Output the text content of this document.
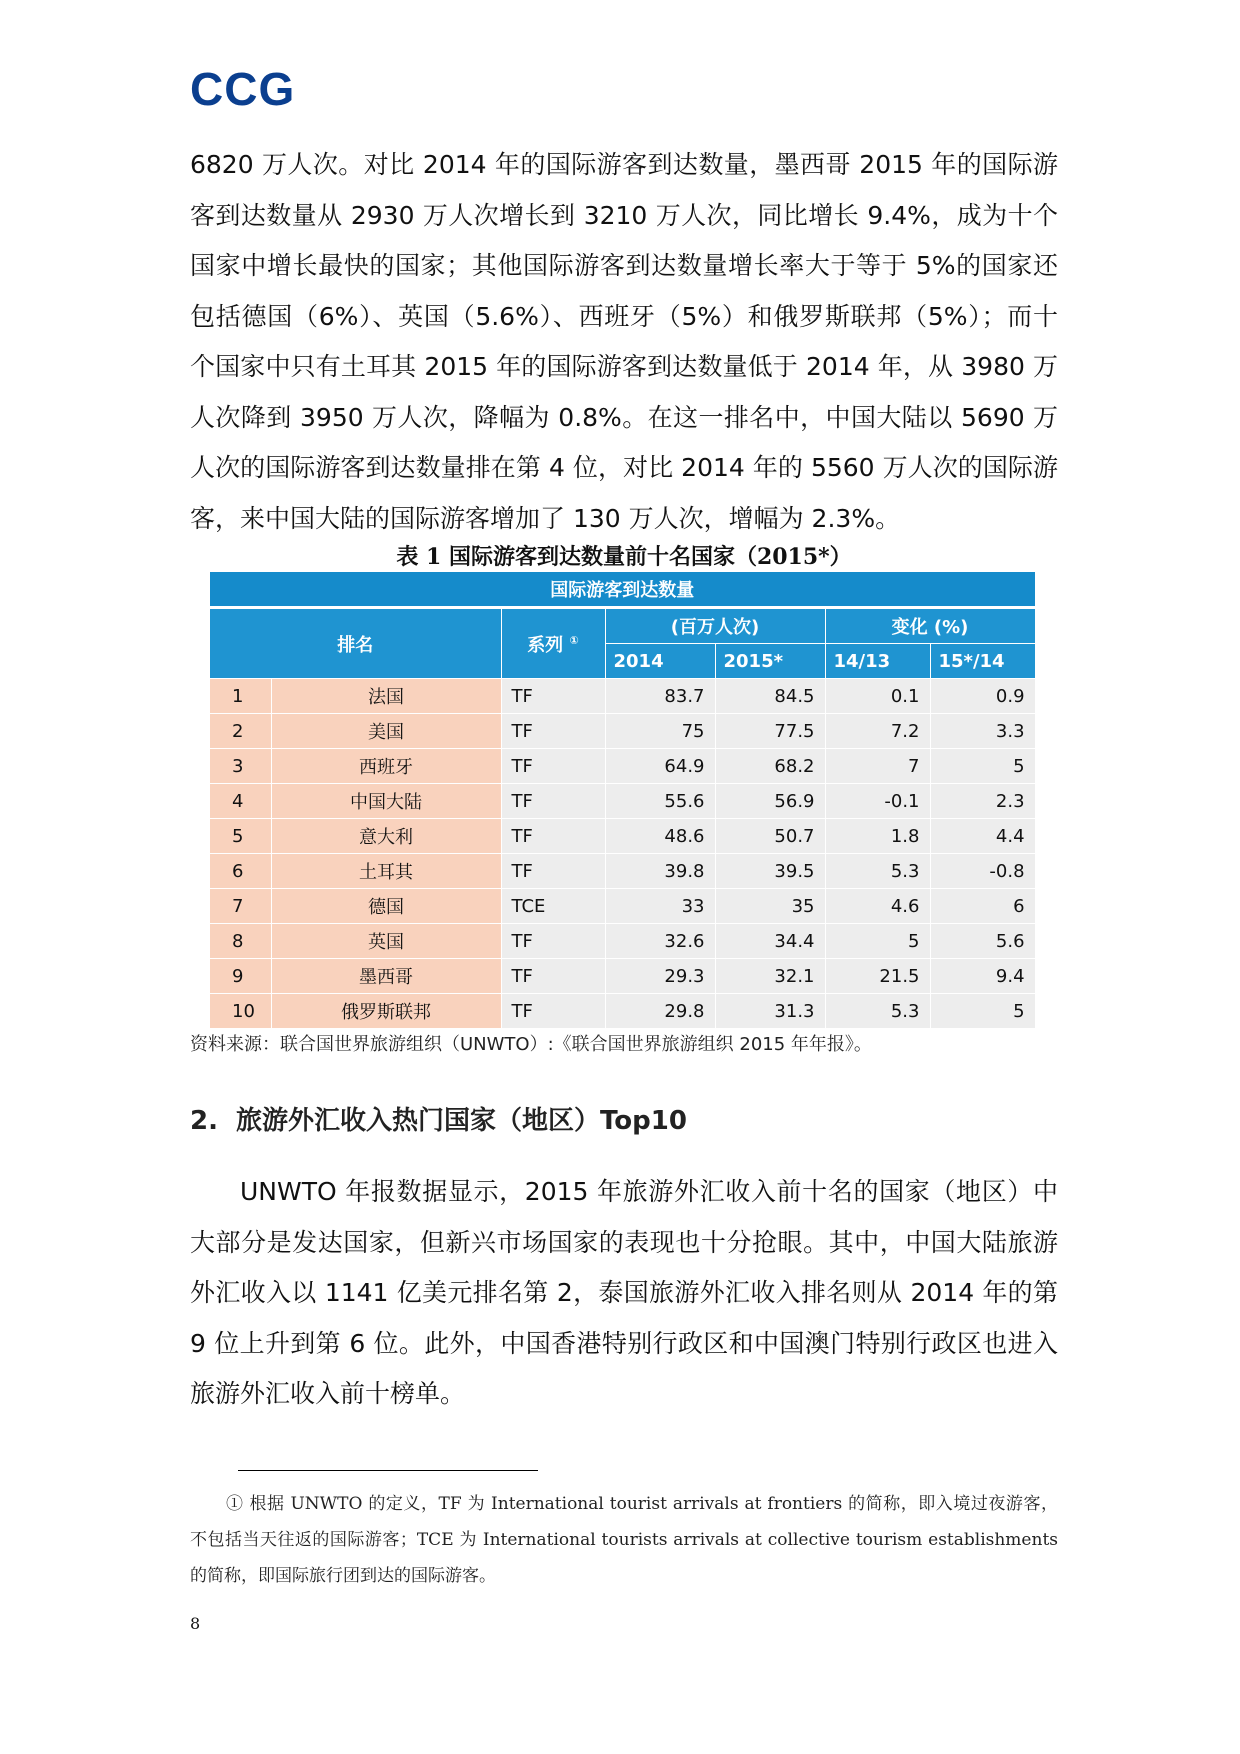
CCG

6820 万人次。对比 2014 年的国际游客到达数量，墨西哥 2015 年的国际游客到达数量从 2930 万人次增长到 3210 万人次，同比增长 9.4%，成为十个国家中增长最快的国家；其他国际游客到达数量增长率大于等于 5%的国家还包括德国（6%）、英国（5.6%）、西班牙（5%）和俄罗斯联邦（5%）；而十个国家中只有土耳其 2015 年的国际游客到达数量低于 2014 年，从 3980 万人次降到 3950 万人次，降幅为 0.8%。在这一排名中，中国大陆以 5690 万人次的国际游客到达数量排在第 4 位，对比 2014 年的 5560 万人次的国际游客，来中国大陆的国际游客增加了 130 万人次，增幅为 2.3%。

表 1 国际游客到达数量前十名国家（2015*）
国际游客到达数量						
排名		系列 ①	(百万人次)		变化 (%)	
			2014	2015*	14/13	15*/14
1	法国	TF	83.7	84.5	0.1	0.9
2	美国	TF	75	77.5	7.2	3.3
3	西班牙	TF	64.9	68.2	7	5
4	中国大陆	TF	55.6	56.9	-0.1	2.3
5	意大利	TF	48.6	50.7	1.8	4.4
6	土耳其	TF	39.8	39.5	5.3	-0.8
7	德国	TCE	33	35	4.6	6
8	英国	TF	32.6	34.4	5	5.6
9	墨西哥	TF	29.3	32.1	21.5	9.4
10	俄罗斯联邦	TF	29.8	31.3	5.3	5
资料来源：联合国世界旅游组织（UNWTO）:《联合国世界旅游组织 2015 年年报》。
2. 旅游外汇收入热门国家（地区）Top10

UNWTO 年报数据显示，2015 年旅游外汇收入前十名的国家（地区）中大部分是发达国家，但新兴市场国家的表现也十分抢眼。其中，中国大陆旅游外汇收入以 1141 亿美元排名第 2，泰国旅游外汇收入排名则从 2014 年的第 9 位上升到第 6 位。此外，中国香港特别行政区和中国澳门特别行政区也进入旅游外汇收入前十榜单。

① 根据 UNWTO 的定义，TF 为 International tourist arrivals at frontiers 的简称，即入境过夜游客，不包括当天往返的国际游客；TCE 为 International tourists arrivals at collective tourism establishments 的简称，即国际旅行团到达的国际游客。

8
